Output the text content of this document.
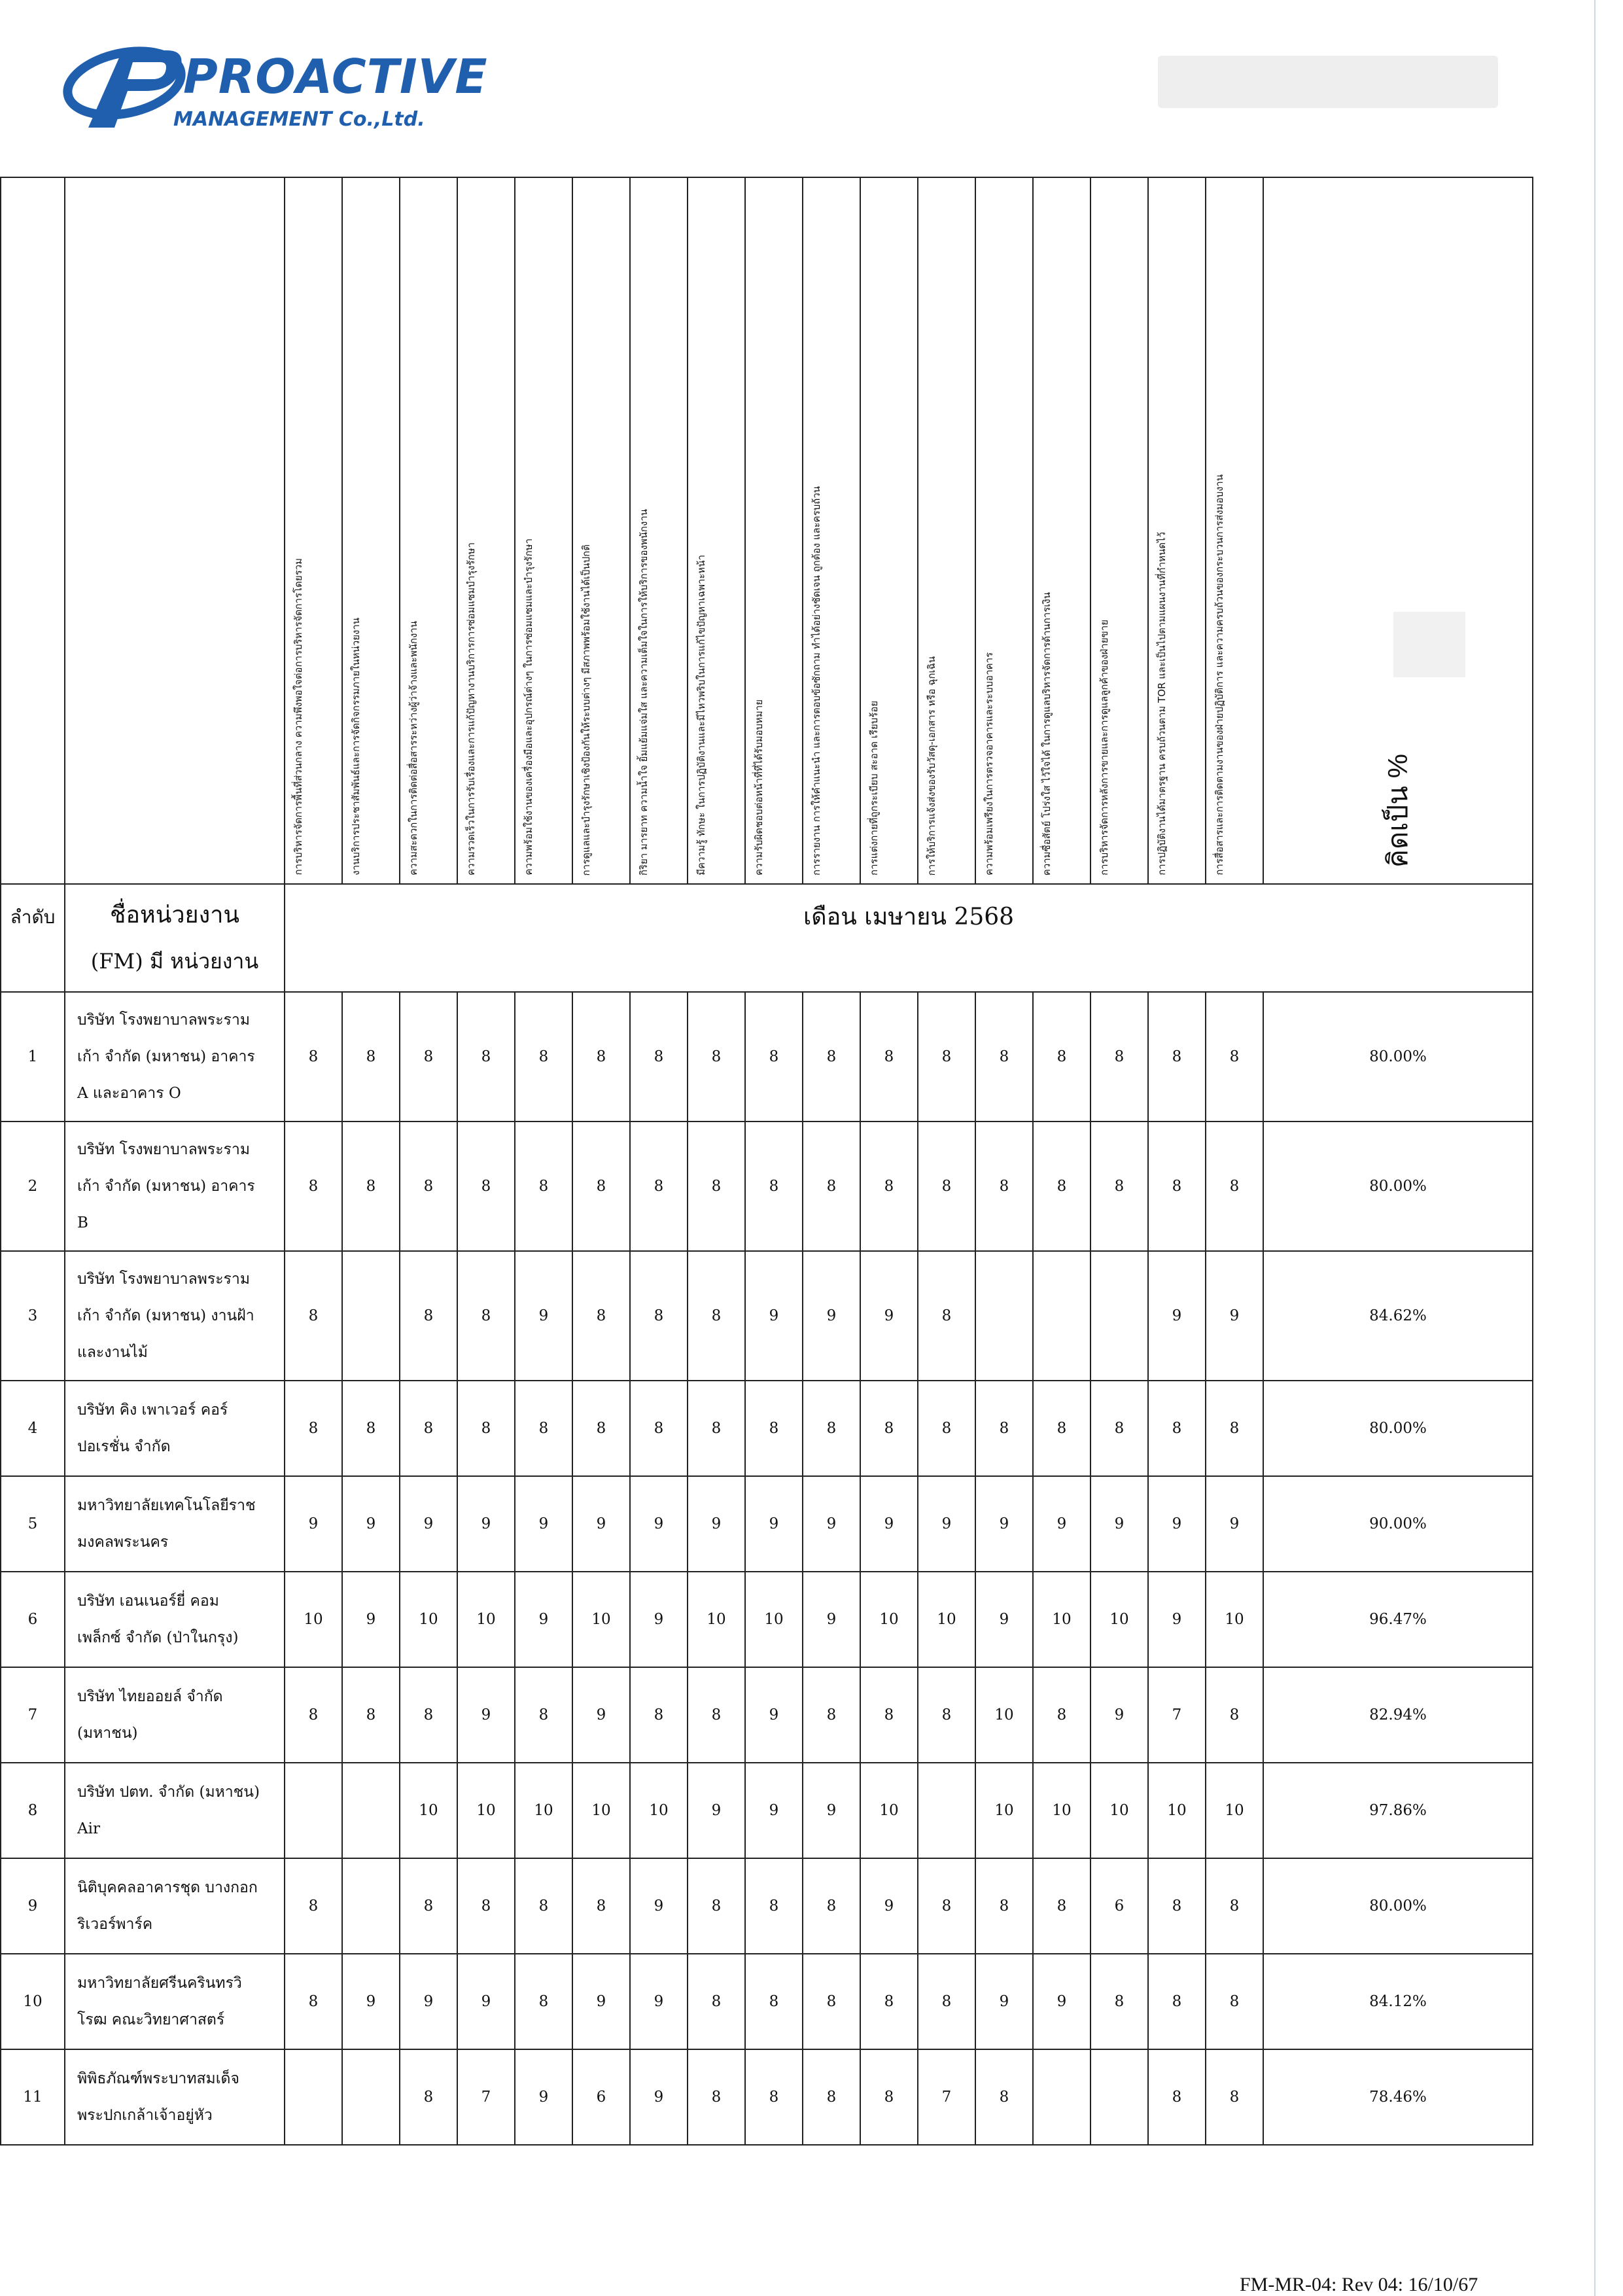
PROACTIVE
MANAGEMENT Co.,Ltd.
		การบริหารจัดการพื้นที่ส่วนกลาง ความพึงพอใจต่อการบริหารจัดการโดยรวม	งานบริการประชาสัมพันธ์และการจัดกิจกรรมภายในหน่วยงาน	ความสะดวกในการติดต่อสื่อสารระหว่างผู้ว่าจ้างและพนักงาน	ความรวดเร็วในการรับเรื่องและการแก้ปัญหางานบริการการซ่อมแซมบำรุงรักษา	ความพร้อมใช้งานของเครื่องมือและอุปกรณ์ต่างๆ ในการซ่อมแซมและบำรุงรักษา	การดูแลและบำรุงรักษาเชิงป้องกันให้ระบบต่างๆ มีสภาพพร้อมใช้งานได้เป็นปกติ	กิริยา มารยาท ความน้ำใจ ยิ้มแย้มแจ่มใส และความเต็มใจในการให้บริการของพนักงาน	มีความรู้ ทักษะ ในการปฏิบัติงานและมีไหวพริบในการแก้ไขปัญหาเฉพาะหน้า	ความรับผิดชอบต่อหน้าที่ที่ได้รับมอบหมาย	การรายงาน การให้คำแนะนำ และการตอบข้อซักถาม ทำได้อย่างชัดเจน ถูกต้อง และครบถ้วน	การแต่งกายที่ถูกระเบียบ สะอาด เรียบร้อย	การให้บริการแจ้งส่งของรับวัสดุ-เอกสาร หรือ ฉุกเฉิน	ความพร้อมเพรียงในการตรวจอาคารและระบบอาคาร	ความซื่อสัตย์ โปร่งใส ไว้ใจได้ ในการดูแลบริหารจัดการด้านการเงิน	การบริหารจัดการหลังการขายและการดูแลลูกค้าของฝ่ายขาย	การปฏิบัติงานได้มาตรฐาน ครบถ้วนตาม TOR และเป็นไปตามแผนงานที่กำหนดไว้	การสื่อสารและการติดตามงานของฝ่ายปฏิบัติการ และความครบถ้วนของกระบวนการส่งมอบงาน	คิดเป็น %
ลำดับ	ชื่อหน่วยงาน
(FM) มี หน่วยงาน	เดือน เมษายน 2568																	
1	บริษัท โรงพยาบาลพระราม
เก้า จำกัด (มหาชน) อาคาร
A และอาคาร O	8	8	8	8	8	8	8	8	8	8	8	8	8	8	8	8	8	80.00%
2	บริษัท โรงพยาบาลพระราม
เก้า จำกัด (มหาชน) อาคาร
B	8	8	8	8	8	8	8	8	8	8	8	8	8	8	8	8	8	80.00%
3	บริษัท โรงพยาบาลพระราม
เก้า จำกัด (มหาชน) งานฝ้า
และงานไม้	8		8	8	9	8	8	8	9	9	9	8				9	9	84.62%
4	บริษัท คิง เพาเวอร์ คอร์
ปอเรชั่น จำกัด	8	8	8	8	8	8	8	8	8	8	8	8	8	8	8	8	8	80.00%
5	มหาวิทยาลัยเทคโนโลยีราช
มงคลพระนคร	9	9	9	9	9	9	9	9	9	9	9	9	9	9	9	9	9	90.00%
6	บริษัท เอนเนอร์ยี่ คอม
เพล็กซ์ จำกัด (ป่าในกรุง)	10	9	10	10	9	10	9	10	10	9	10	10	9	10	10	9	10	96.47%
7	บริษัท ไทยออยล์ จำกัด
(มหาชน)	8	8	8	9	8	9	8	8	9	8	8	8	10	8	9	7	8	82.94%
8	บริษัท ปตท. จำกัด (มหาชน)
Air			10	10	10	10	10	9	9	9	10		10	10	10	10	10	97.86%
9	นิติบุคคลอาคารชุด บางกอก
ริเวอร์พาร์ค	8		8	8	8	8	9	8	8	8	9	8	8	8	6	8	8	80.00%
10	มหาวิทยาลัยศรีนครินทรวิ
โรฒ คณะวิทยาศาสตร์	8	9	9	9	8	9	9	8	8	8	8	8	9	9	8	8	8	84.12%
11	พิพิธภัณฑ์พระบาทสมเด็จ
พระปกเกล้าเจ้าอยู่หัว			8	7	9	6	9	8	8	8	8	7	8			8	8	78.46%
FM-MR-04: Rev 04: 16/10/67
